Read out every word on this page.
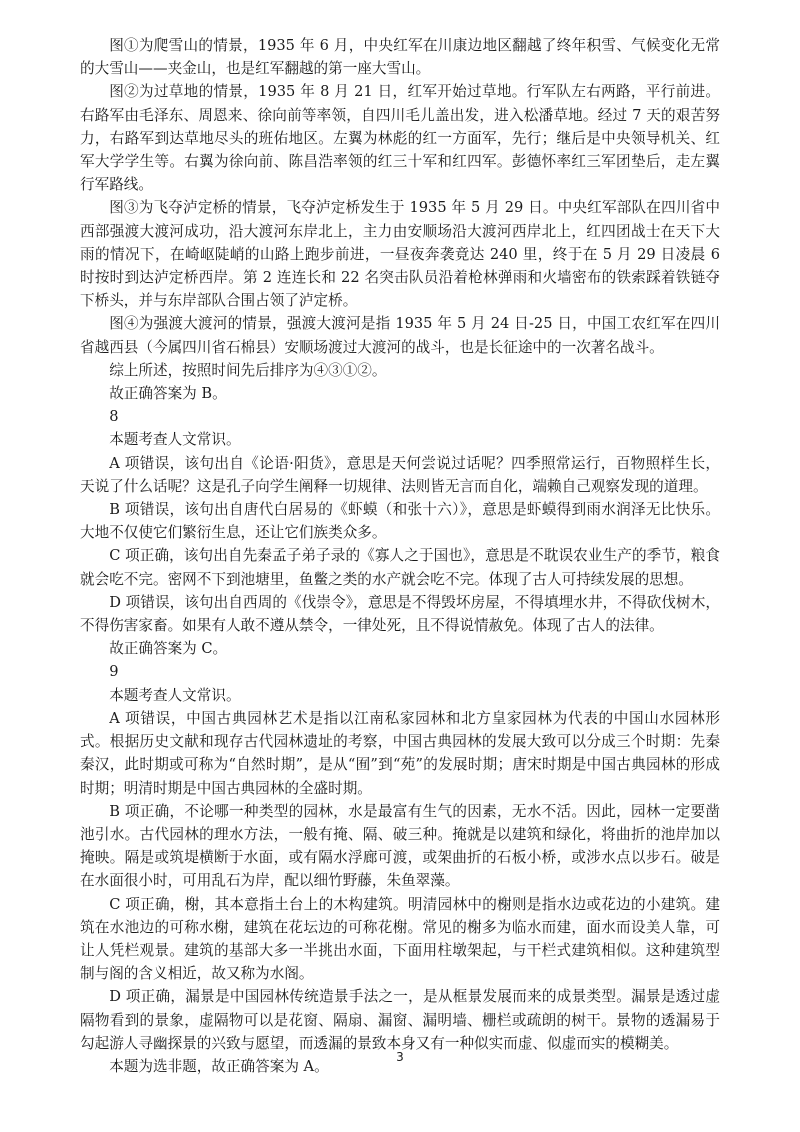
图①为爬雪山的情景，1935 年 6 月，中央红军在川康边地区翻越了终年积雪、气候变化无常的大雪山——夹金山，也是红军翻越的第一座大雪山。

图②为过草地的情景，1935 年 8 月 21 日，红军开始过草地。行军队左右两路，平行前进。右路军由毛泽东、周恩来、徐向前等率领，自四川毛儿盖出发，进入松潘草地。经过 7 天的艰苦努力，右路军到达草地尽头的班佑地区。左翼为林彪的红一方面军，先行；继后是中央领导机关、红军大学学生等。右翼为徐向前、陈昌浩率领的红三十军和红四军。彭德怀率红三军团垫后，走左翼行军路线。

图③为飞夺泸定桥的情景，飞夺泸定桥发生于 1935 年 5 月 29 日。中央红军部队在四川省中西部强渡大渡河成功，沿大渡河东岸北上，主力由安顺场沿大渡河西岸北上，红四团战士在天下大雨的情况下，在崎岖陡峭的山路上跑步前进，一昼夜奔袭竟达 240 里，终于在 5 月 29 日凌晨 6 时按时到达泸定桥西岸。第 2 连连长和 22 名突击队员沿着枪林弹雨和火墙密布的铁索踩着铁链夺下桥头，并与东岸部队合围占领了泸定桥。

图④为强渡大渡河的情景，强渡大渡河是指 1935 年 5 月 24 日-25 日，中国工农红军在四川省越西县（今属四川省石棉县）安顺场渡过大渡河的战斗，也是长征途中的一次著名战斗。

综上所述，按照时间先后排序为④③①②。

故正确答案为 B。

8

本题考查人文常识。

A 项错误，该句出自《论语·阳货》，意思是天何尝说过话呢？四季照常运行，百物照样生长，天说了什么话呢？这是孔子向学生阐释一切规律、法则皆无言而自化，端赖自己观察发现的道理。

B 项错误，该句出自唐代白居易的《虾蟆（和张十六）》，意思是虾蟆得到雨水润泽无比快乐。大地不仅使它们繁衍生息，还让它们族类众多。

C 项正确，该句出自先秦孟子弟子录的《寡人之于国也》，意思是不耽误农业生产的季节，粮食就会吃不完。密网不下到池塘里，鱼鳖之类的水产就会吃不完。体现了古人可持续发展的思想。

D 项错误，该句出自西周的《伐崇令》，意思是不得毁坏房屋，不得填埋水井，不得砍伐树木，不得伤害家畜。如果有人敢不遵从禁令，一律处死，且不得说情赦免。体现了古人的法律。

故正确答案为 C。

9

本题考查人文常识。

A 项错误，中国古典园林艺术是指以江南私家园林和北方皇家园林为代表的中国山水园林形式。根据历史文献和现存古代园林遗址的考察，中国古典园林的发展大致可以分成三个时期：先秦秦汉，此时期或可称为“自然时期”，是从“囿”到“苑”的发展时期；唐宋时期是中国古典园林的形成时期；明清时期是中国古典园林的全盛时期。

B 项正确，不论哪一种类型的园林，水是最富有生气的因素，无水不活。因此，园林一定要凿池引水。古代园林的理水方法，一般有掩、隔、破三种。掩就是以建筑和绿化，将曲折的池岸加以掩映。隔是或筑堤横断于水面，或有隔水浮廊可渡，或架曲折的石板小桥，或涉水点以步石。破是在水面很小时，可用乱石为岸，配以细竹野藤，朱鱼翠藻。

C 项正确，榭，其本意指土台上的木构建筑。明清园林中的榭则是指水边或花边的小建筑。建筑在水池边的可称水榭，建筑在花坛边的可称花榭。常见的榭多为临水而建，面水而设美人靠，可让人凭栏观景。建筑的基部大多一半挑出水面，下面用柱墩架起，与干栏式建筑相似。这种建筑型制与阁的含义相近，故又称为水阁。

D 项正确，漏景是中国园林传统造景手法之一，是从框景发展而来的成景类型。漏景是透过虚隔物看到的景象，虚隔物可以是花窗、隔扇、漏窗、漏明墙、栅栏或疏朗的树干。景物的透漏易于勾起游人寻幽探景的兴致与愿望，而透漏的景致本身又有一种似实而虚、似虚而实的模糊美。

本题为选非题，故正确答案为 A。

3
